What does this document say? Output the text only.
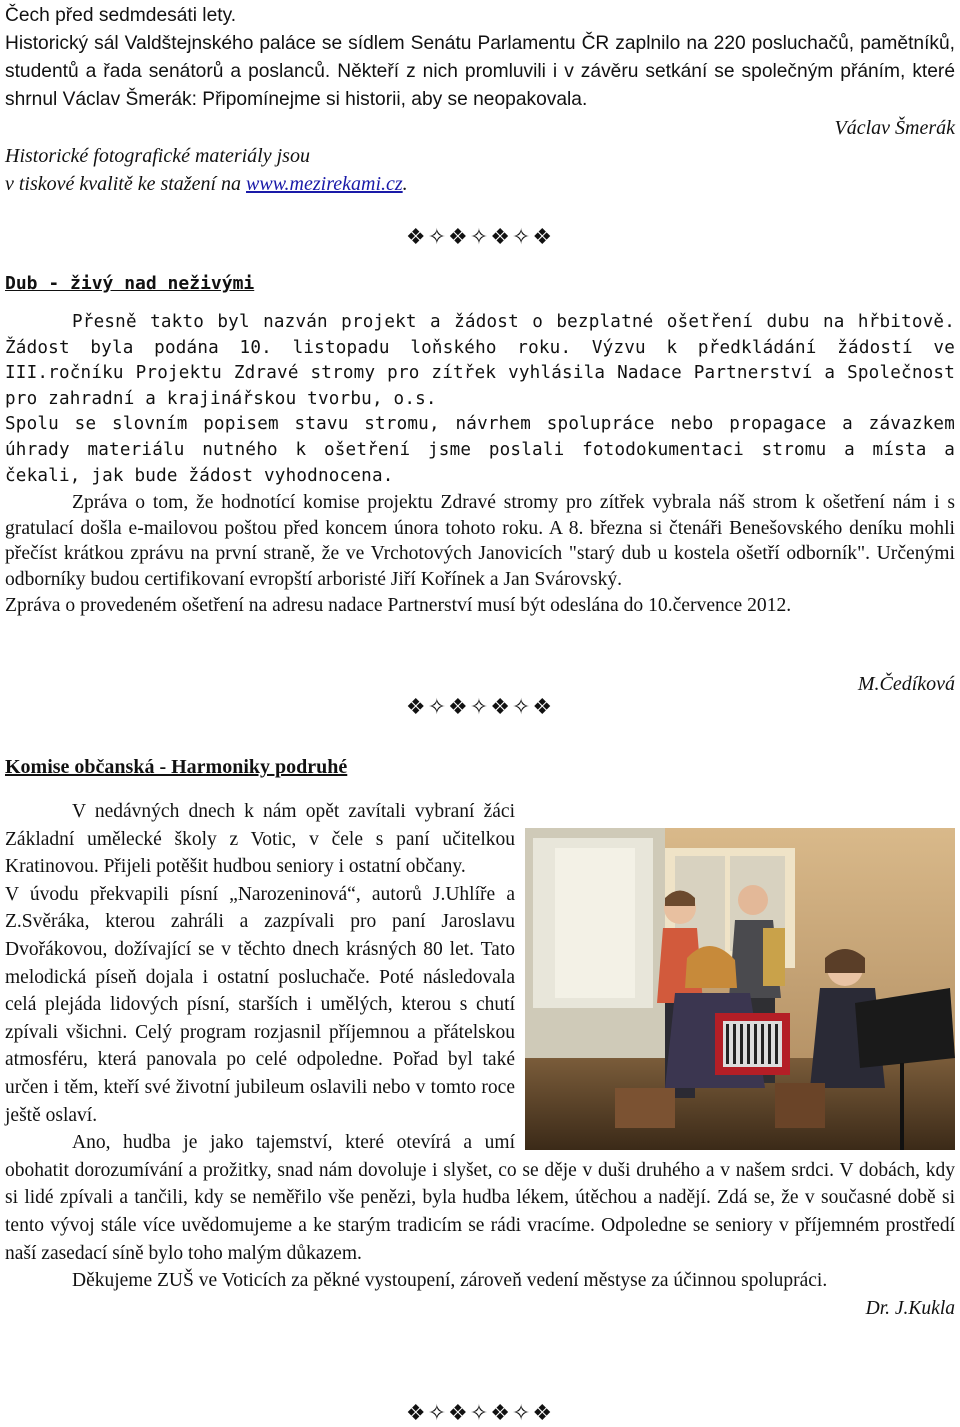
Čech před sedmdesáti lety.

Historický sál Valdštejnského paláce se sídlem Senátu Parlamentu ČR zaplnilo na 220 posluchačů, pamětníků, studentů a řada senátorů a poslanců. Někteří z nich promluvili i v závěru setkání se společným přáním, které shrnul Václav Šmerák: Připomínejme si historii, aby se neopakovala.

Václav Šmerák

Historické fotografické materiály jsou

v tiskové kvalitě ke stažení na www.mezirekami.cz.

❖✧❖✧❖✧❖
Dub - živý nad neživými

Přesně takto byl nazván projekt a žádost o bezplatné ošetření dubu na hřbitově. Žádost byla podána 10. listopadu loňského roku. Výzvu k předkládání žádostí ve III.ročníku Projektu Zdravé stromy pro zítřek vyhlásila Nadace Partnerství a Společnost pro zahradní a krajinářskou tvorbu, o.s.

Spolu se slovním popisem stavu stromu, návrhem spolupráce nebo propagace a závazkem úhrady materiálu nutného k ošetření jsme poslali fotodokumentaci stromu a místa a čekali, jak bude žádost vyhodnocena.

Zpráva o tom, že hodnotící komise projektu Zdravé stromy pro zítřek vybrala náš strom k ošetření nám i s gratulací došla e-mailovou poštou před koncem února tohoto roku. A 8. března si čtenáři Benešovského deníku mohli přečíst krátkou zprávu na první straně, že ve Vrchotových Janovicích "starý dub u kostela ošetří odborník". Určenými odborníky budou certifikovaní evropští arboristé Jiří Kořínek a Jan Svárovský.

Zpráva o provedeném ošetření na adresu nadace Partnerství musí být odeslána do 10.července 2012.

M.Čedíková
❖✧❖✧❖✧❖
Komise občanská - Harmoniky podruhé

V nedávných dnech k nám opět zavítali vybraní žáci Základní umělecké školy z Votic, v čele s paní učitelkou Kratinovou. Přijeli potěšit hudbou seniory i ostatní občany.

V úvodu překvapili písní „Narozeninová“, autorů J.Uhlíře a Z.Svěráka, kterou zahráli a zazpívali pro paní Jaroslavu Dvořákovou, dožívající se v těchto dnech krásných 80 let. Tato melodická píseň dojala i ostatní posluchače. Poté následovala celá plejáda lidových písní, starších i umělých, kterou s chutí zpívali všichni. Celý program rozjasnil příjemnou a přátelskou atmosféru, která panovala po celé odpoledne. Pořad byl také určen i těm, kteří své životní jubileum oslavili nebo v tomto roce ještě oslaví.

Ano, hudba je jako tajemství, které otevírá a umí obohatit dorozumívání a prožitky, snad nám dovoluje i slyšet, co se děje v duši druhého a v našem srdci. V dobách, kdy si lidé zpívali a tančili, kdy se neměřilo vše penězi, byla hudba lékem, útěchou a nadějí. Zdá se, že v současné době si tento vývoj stále více uvědomujeme a ke starým tradicím se rádi vracíme. Odpoledne se seniory v příjemném prostředí naší zasedací síně bylo toho malým důkazem.

Děkujeme ZUŠ ve Voticích za pěkné vystoupení, zároveň vedení městyse za účinnou spolupráci.

Dr. J.Kukla

❖✧❖✧❖✧❖
